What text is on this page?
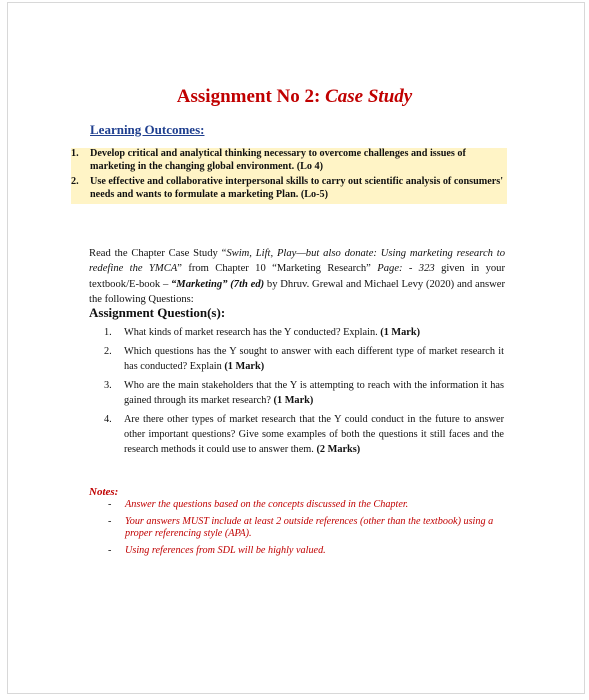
Assignment No 2: Case Study
Learning Outcomes:
1. Develop critical and analytical thinking necessary to overcome challenges and issues of marketing in the changing global environment. (Lo 4)
2. Use effective and collaborative interpersonal skills to carry out scientific analysis of consumers' needs and wants to formulate a marketing Plan. (Lo-5)

Read the Chapter Case Study “Swim, Lift, Play—but also donate: Using marketing research to redefine the YMCA” from Chapter 10 “Marketing Research” Page: - 323 given in your textbook/E-book – “Marketing” (7th ed) by Dhruv. Grewal and Michael Levy (2020) and answer the following Questions:

Assignment Question(s):
1. What kinds of market research has the Y conducted? Explain. (1 Mark)
2. Which questions has the Y sought to answer with each different type of market research it has conducted? Explain (1 Mark)
3. Who are the main stakeholders that the Y is attempting to reach with the information it has gained through its market research? (1 Mark)
4. Are there other types of market research that the Y could conduct in the future to answer other important questions? Give some examples of both the questions it still faces and the research methods it could use to answer them. (2 Marks)
Notes:
- Answer the questions based on the concepts discussed in the Chapter.
- Your answers MUST include at least 2 outside references (other than the textbook) using a proper referencing style (APA).
- Using references from SDL will be highly valued.
